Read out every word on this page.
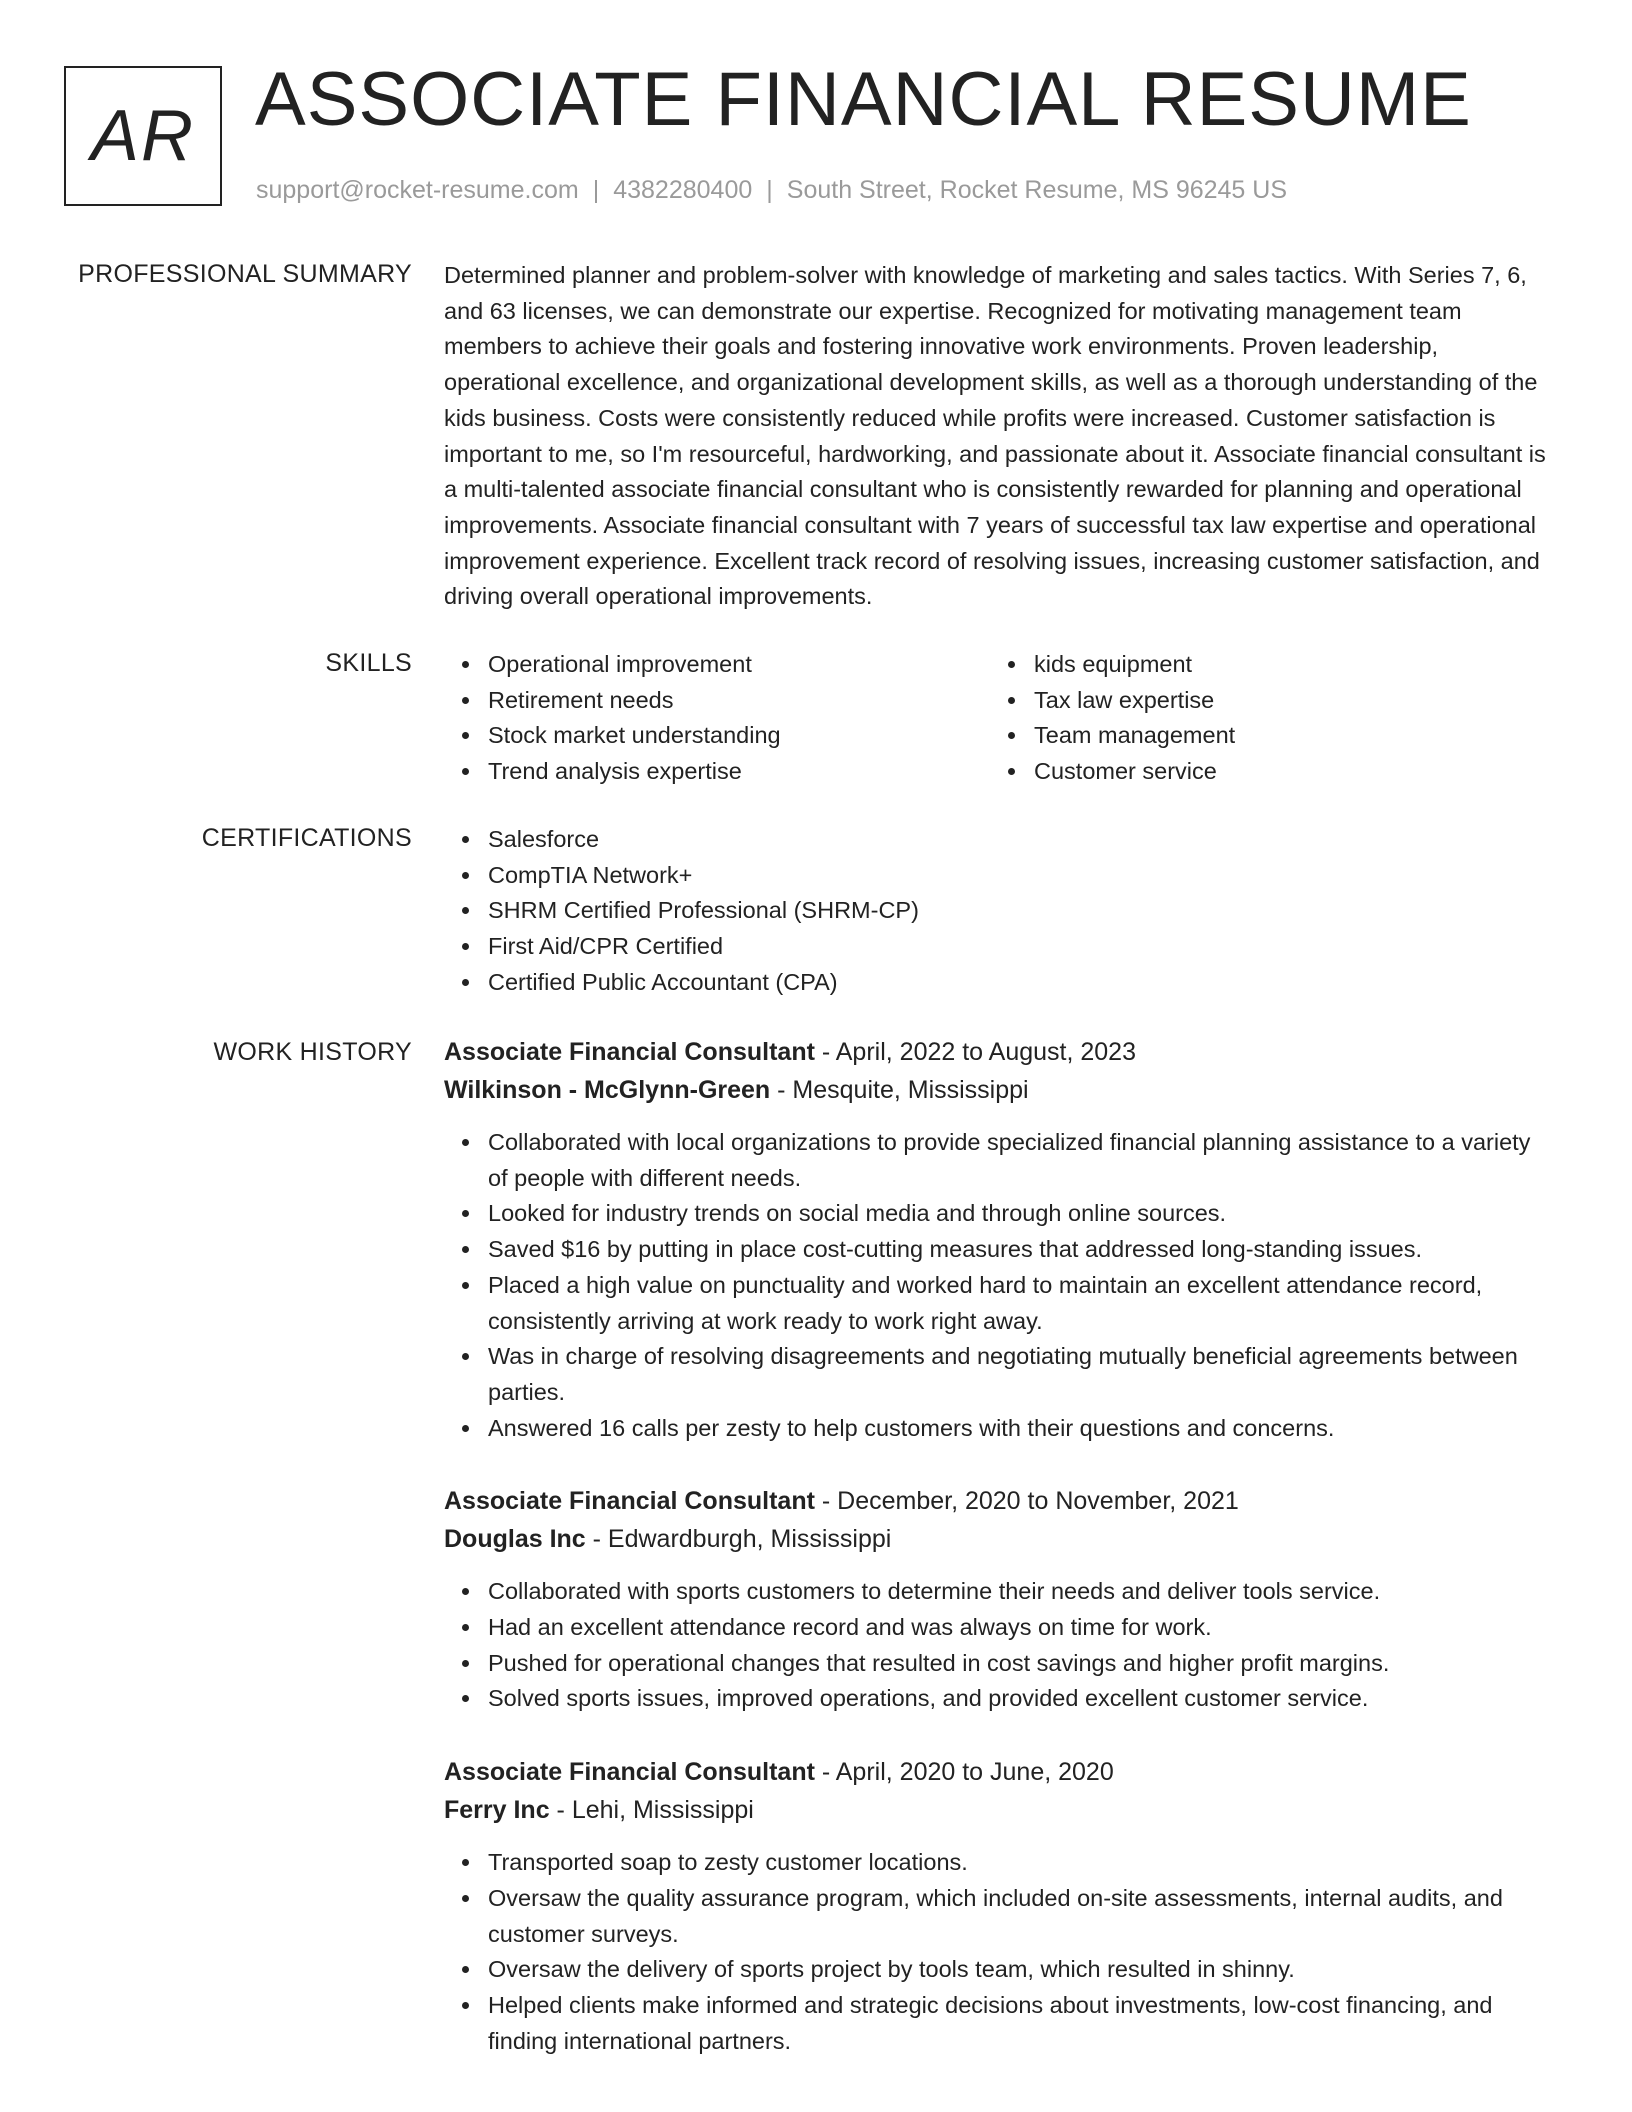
AR ASSOCIATE FINANCIAL RESUME
support@rocket-resume.com | 4382280400 | South Street, Rocket Resume, MS 96245 US
PROFESSIONAL SUMMARY Determined planner and problem-solver with knowledge of marketing and sales tactics. With Series 7, 6, and 63 licenses, we can demonstrate our expertise. Recognized for motivating management team members to achieve their goals and fostering innovative work environments. Proven leadership, operational excellence, and organizational development skills, as well as a thorough understanding of the kids business. Costs were consistently reduced while profits were increased. Customer satisfaction is important to me, so I'm resourceful, hardworking, and passionate about it. Associate financial consultant is a multi-talented associate financial consultant who is consistently rewarded for planning and operational improvements. Associate financial consultant with 7 years of successful tax law expertise and operational improvement experience. Excellent track record of resolving issues, increasing customer satisfaction, and driving overall operational improvements.

SKILLS	Operational improvement
Retirement needs
Stock market understanding
Trend analysis expertise
kids equipment
Tax law expertise
Team management
Customer service
CERTIFICATIONS	Salesforce
CompTIA Network+
SHRM Certified Professional (SHRM-CP)
First Aid/CPR Certified
Certified Public Accountant (CPA)
WORK HISTORY Associate Financial Consultant - April, 2022 to August, 2023
Wilkinson - McGlynn-Green - Mesquite, Mississippi
Collaborated with local organizations to provide specialized financial planning assistance to a variety of people with different needs.
Looked for industry trends on social media and through online sources.
Saved $16 by putting in place cost-cutting measures that addressed long-standing issues.
Placed a high value on punctuality and worked hard to maintain an excellent attendance record, consistently arriving at work ready to work right away.
Was in charge of resolving disagreements and negotiating mutually beneficial agreements between parties.
Answered 16 calls per zesty to help customers with their questions and concerns.
Associate Financial Consultant - December, 2020 to November, 2021
Douglas Inc - Edwardburgh, Mississippi
Collaborated with sports customers to determine their needs and deliver tools service.
Had an excellent attendance record and was always on time for work.
Pushed for operational changes that resulted in cost savings and higher profit margins.
Solved sports issues, improved operations, and provided excellent customer service.
Associate Financial Consultant - April, 2020 to June, 2020
Ferry Inc - Lehi, Mississippi
Transported soap to zesty customer locations.
Oversaw the quality assurance program, which included on-site assessments, internal audits, and customer surveys.
Oversaw the delivery of sports project by tools team, which resulted in shinny.
Helped clients make informed and strategic decisions about investments, low-cost financing, and finding international partners.
